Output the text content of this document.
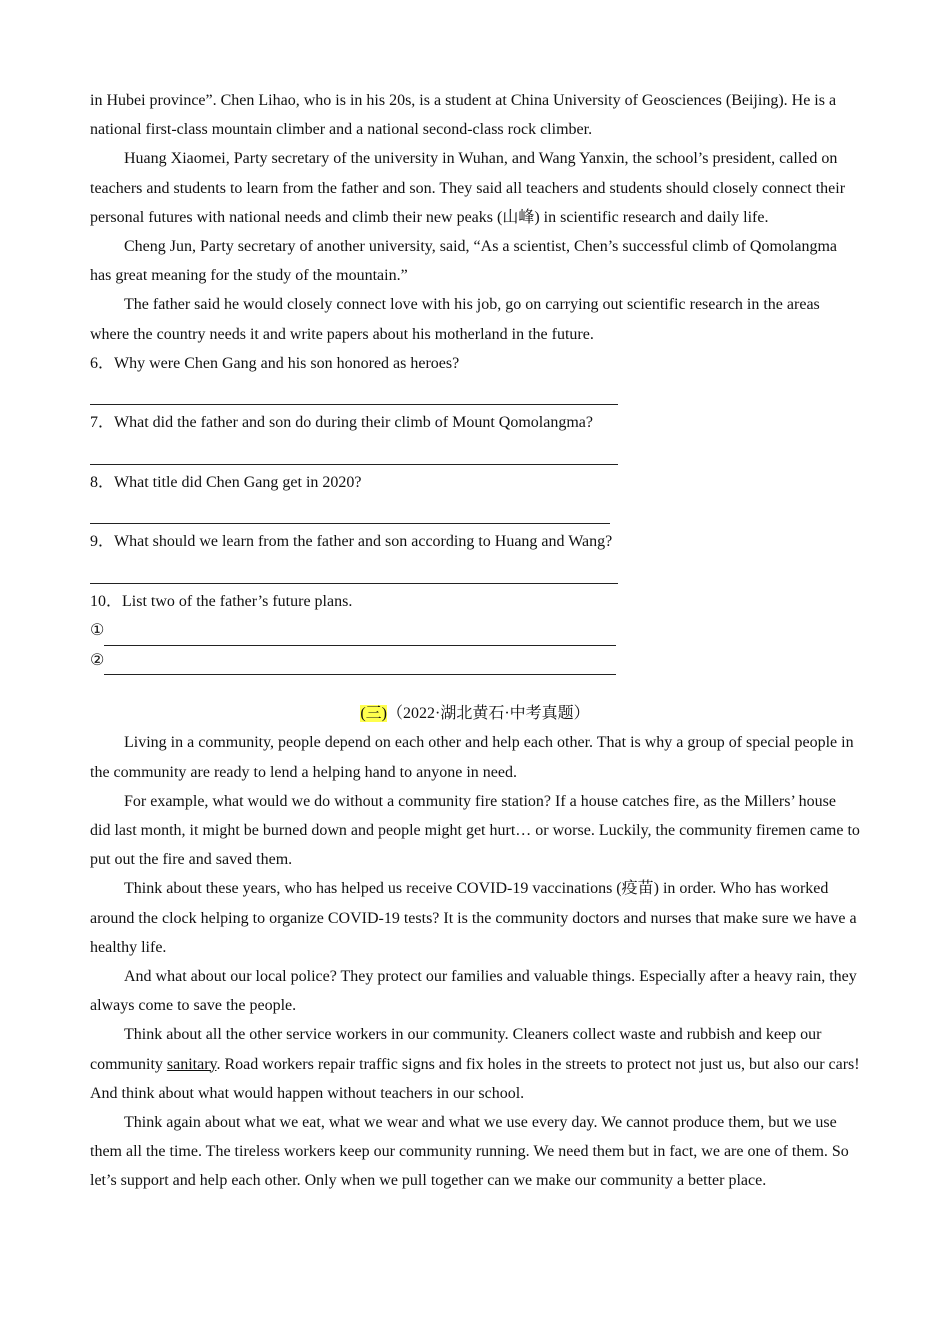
in Hubei province”. Chen Lihao, who is in his 20s, is a student at China University of Geosciences (Beijing). He is a national first-class mountain climber and a national second-class rock climber.

Huang Xiaomei, Party secretary of the university in Wuhan, and Wang Yanxin, the school’s president, called on teachers and students to learn from the father and son. They said all teachers and students should closely connect their personal futures with national needs and climb their new peaks (山峰) in scientific research and daily life.

Cheng Jun, Party secretary of another university, said, “As a scientist, Chen’s successful climb of Qomolangma has great meaning for the study of the mountain.”

The father said he would closely connect love with his job, go on carrying out scientific research in the areas where the country needs it and write papers about his motherland in the future.

6．Why were Chen Gang and his son honored as heroes?

7．What did the father and son do during their climb of Mount Qomolangma?

8．What title did Chen Gang get in 2020?

9．What should we learn from the father and son according to Huang and Wang?

10．List two of the father’s future plans.

①
②
(三)（2022·湖北黄石·中考真题）

Living in a community, people depend on each other and help each other. That is why a group of special people in the community are ready to lend a helping hand to anyone in need.

For example, what would we do without a community fire station? If a house catches fire, as the Millers’ house did last month, it might be burned down and people might get hurt… or worse. Luckily, the community firemen came to put out the fire and saved them.

Think about these years, who has helped us receive COVID-19 vaccinations (疫苗) in order. Who has worked around the clock helping to organize COVID-19 tests? It is the community doctors and nurses that make sure we have a healthy life.

And what about our local police? They protect our families and valuable things. Especially after a heavy rain, they always come to save the people.

Think about all the other service workers in our community. Cleaners collect waste and rubbish and keep our community sanitary. Road workers repair traffic signs and fix holes in the streets to protect not just us, but also our cars! And think about what would happen without teachers in our school.

Think again about what we eat, what we wear and what we use every day. We cannot produce them, but we use them all the time. The tireless workers keep our community running. We need them but in fact, we are one of them. So let’s support and help each other. Only when we pull together can we make our community a better place.
